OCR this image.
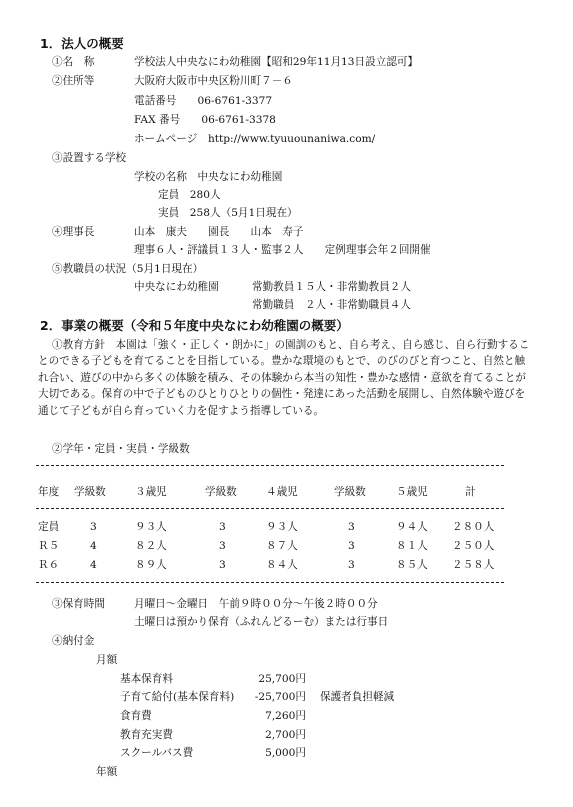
1．法人の概要
①名　称	学校法人中央なにわ幼稚園【昭和29年11月13日設立認可】
②住所等	大阪府大阪市中央区粉川町７－６
電話番号　　06-6761-3377
FAX 番号　　06-6761-3378
ホームページ　http://www.tyuuounaniwa.com/
③設置する学校
学校の名称　中央なにわ幼稚園
定員　280人
実員　258人（5月1日現在）
④理事長	山本　康夫　　園長　　山本　寿子
理事６人・評議員１３人・監事２人　　定例理事会年２回開催
⑤教職員の状況（5月1日現在）
中央なにわ幼稚園	常勤教員１５人・非常勤教員２人
常勤職員　２人・非常勤職員４人
2．事業の概要（令和５年度中央なにわ幼稚園の概要）
①教育方針　本園は「強く・正しく・朗かに」の園訓のもと、自ら考え、自ら感じ、自ら行動することのできる子どもを育てることを目指している。豊かな環境のもとで、のびのびと育つこと、自然と触れ合い、遊びの中から多くの体験を積み、その体験から本当の知性・豊かな感情・意欲を育てることが大切である。保育の中で子どものひとりひとりの個性・発達にあった活動を展開し、自然体験や遊びを通じて子どもが自ら育っていく力を促すよう指導している。
②学年・定員・実員・学級数
年度 学級数	３歳児	学級数	４歳児	学級数	５歳児	計
定員	3	９３人	3	９３人	3	９４人 ２８０人
Ｒ５	4	８２人	3	８７人	3	８１人 ２５０人
Ｒ６	4	８９人	3	８４人	3	８５人 ２５８人
③保育時間	月曜日～金曜日　午前９時００分～午後２時００分
土曜日は預かり保育（ふれんどるーむ）または行事日
④納付金
月額
基本保育料	25,700円
子育て給付(基本保育料)	-25,700円 保護者負担軽減
食育費	7,260円
教育充実費	2,700円
スクールバス費	5,000円
年額
